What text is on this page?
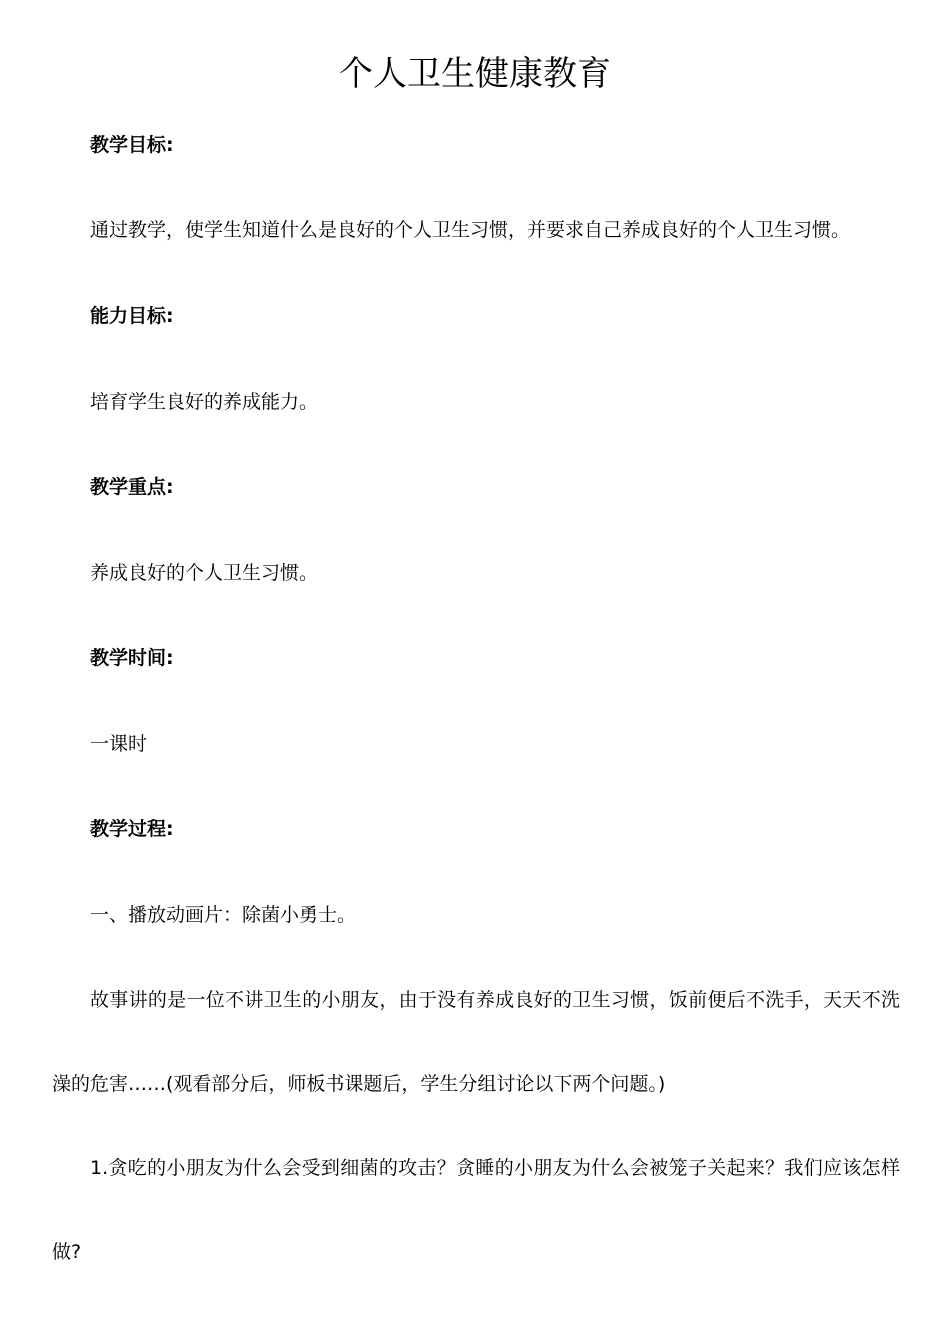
个人卫生健康教育

教学目标:

通过教学，使学生知道什么是良好的个人卫生习惯，并要求自己养成良好的个人卫生习惯。

能力目标:

培育学生良好的养成能力。

教学重点:

养成良好的个人卫生习惯。

教学时间:

一课时

教学过程:

一、播放动画片：除菌小勇士。

故事讲的是一位不讲卫生的小朋友，由于没有养成良好的卫生习惯，饭前便后不洗手，天天不洗澡的危害……(观看部分后，师板书课题后，学生分组讨论以下两个问题。)

1.贪吃的小朋友为什么会受到细菌的攻击？贪睡的小朋友为什么会被笼子关起来？我们应该怎样做?
